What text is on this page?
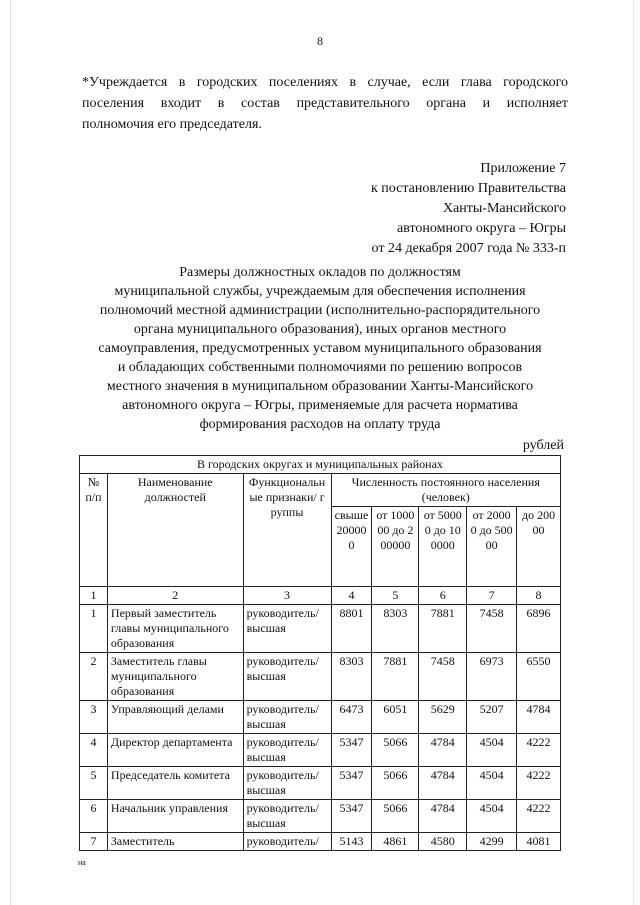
8
*Учреждается в городских поселениях в случае, если глава городского
поселения входит в состав представительного органа и исполняет
полномочия его председателя.
Приложение 7
к постановлению Правительства
Ханты-Мансийского
автономного округа – Югры
от 24 декабря 2007 года № 333-п
Размеры должностных окладов по должностям
муниципальной службы, учреждаемым для обеспечения исполнения
полномочий местной администрации (исполнительно-распорядительного
органа муниципального образования), иных органов местного
самоуправления, предусмотренных уставом муниципального образования
и обладающих собственными полномочиями по решению вопросов
местного значения в муниципальном образовании Ханты-Мансийского
автономного округа – Югры, применяемые для расчета норматива
формирования расходов на оплату труда
рублей
В городских округах и муниципальных районах							
№ п/п	Наименование должностей	Функциональные признаки/ группы	Численность постоянного населения (человек)				
			свыше 200000	от 100000 до 200000	от 50000 до 100000	от 20000 до 50000	до 20000
1	2	3	4	5	6	7	8
1	Первый заместитель главы муниципального образования	руководитель/ высшая	8801	8303	7881	7458	6896
2	Заместитель главы муниципального образования	руководитель/ высшая	8303	7881	7458	6973	6550
3	Управляющий делами	руководитель/ высшая	6473	6051	5629	5207	4784
4	Директор департамента	руководитель/ высшая	5347	5066	4784	4504	4222
5	Председатель комитета	руководитель/ высшая	5347	5066	4784	4504	4222
6	Начальник управления	руководитель/ высшая	5347	5066	4784	4504	4222
7	Заместитель	руководитель/	5143	4861	4580	4299	4081
на
